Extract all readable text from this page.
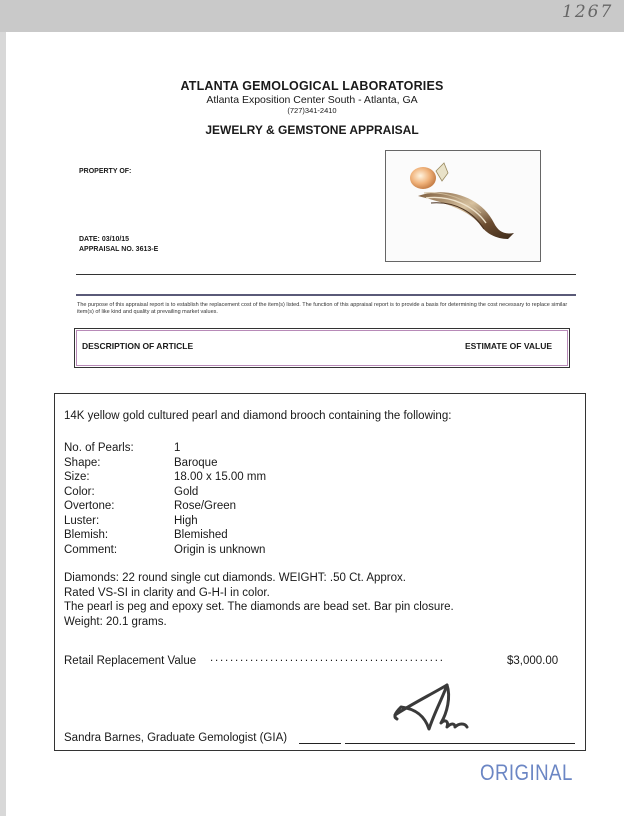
1267
ATLANTA GEMOLOGICAL LABORATORIES
Atlanta Exposition Center South - Atlanta, GA
(727)341-2410
JEWELRY & GEMSTONE APPRAISAL
PROPERTY OF:
DATE: 03/10/15
APPRAISAL NO. 3613-E
The purpose of this appraisal report is to establish the replacement cost of the item(s) listed. The function of this appraisal report is to provide a basis for determining the cost necessary to replace similar item(s) of like kind and quality at prevailing market values.
DESCRIPTION OF ARTICLE	ESTIMATE OF VALUE
14K yellow gold cultured pearl and diamond brooch containing the following:
No. of Pearls:	1
Shape:	Baroque
Size:	18.00 x 15.00 mm
Color:	Gold
Overtone:	Rose/Green
Luster:	High
Blemish:	Blemished
Comment:	Origin is unknown
Diamonds: 22 round single cut diamonds. WEIGHT: .50 Ct. Approx.
Rated VS-SI in clarity and G-H-I in color.
The pearl is peg and epoxy set. The diamonds are bead set. Bar pin closure.
Weight: 20.1 grams.
Retail Replacement Value ...............................................	$3,000.00
Sandra Barnes, Graduate Gemologist (GIA)
ORIGINAL
